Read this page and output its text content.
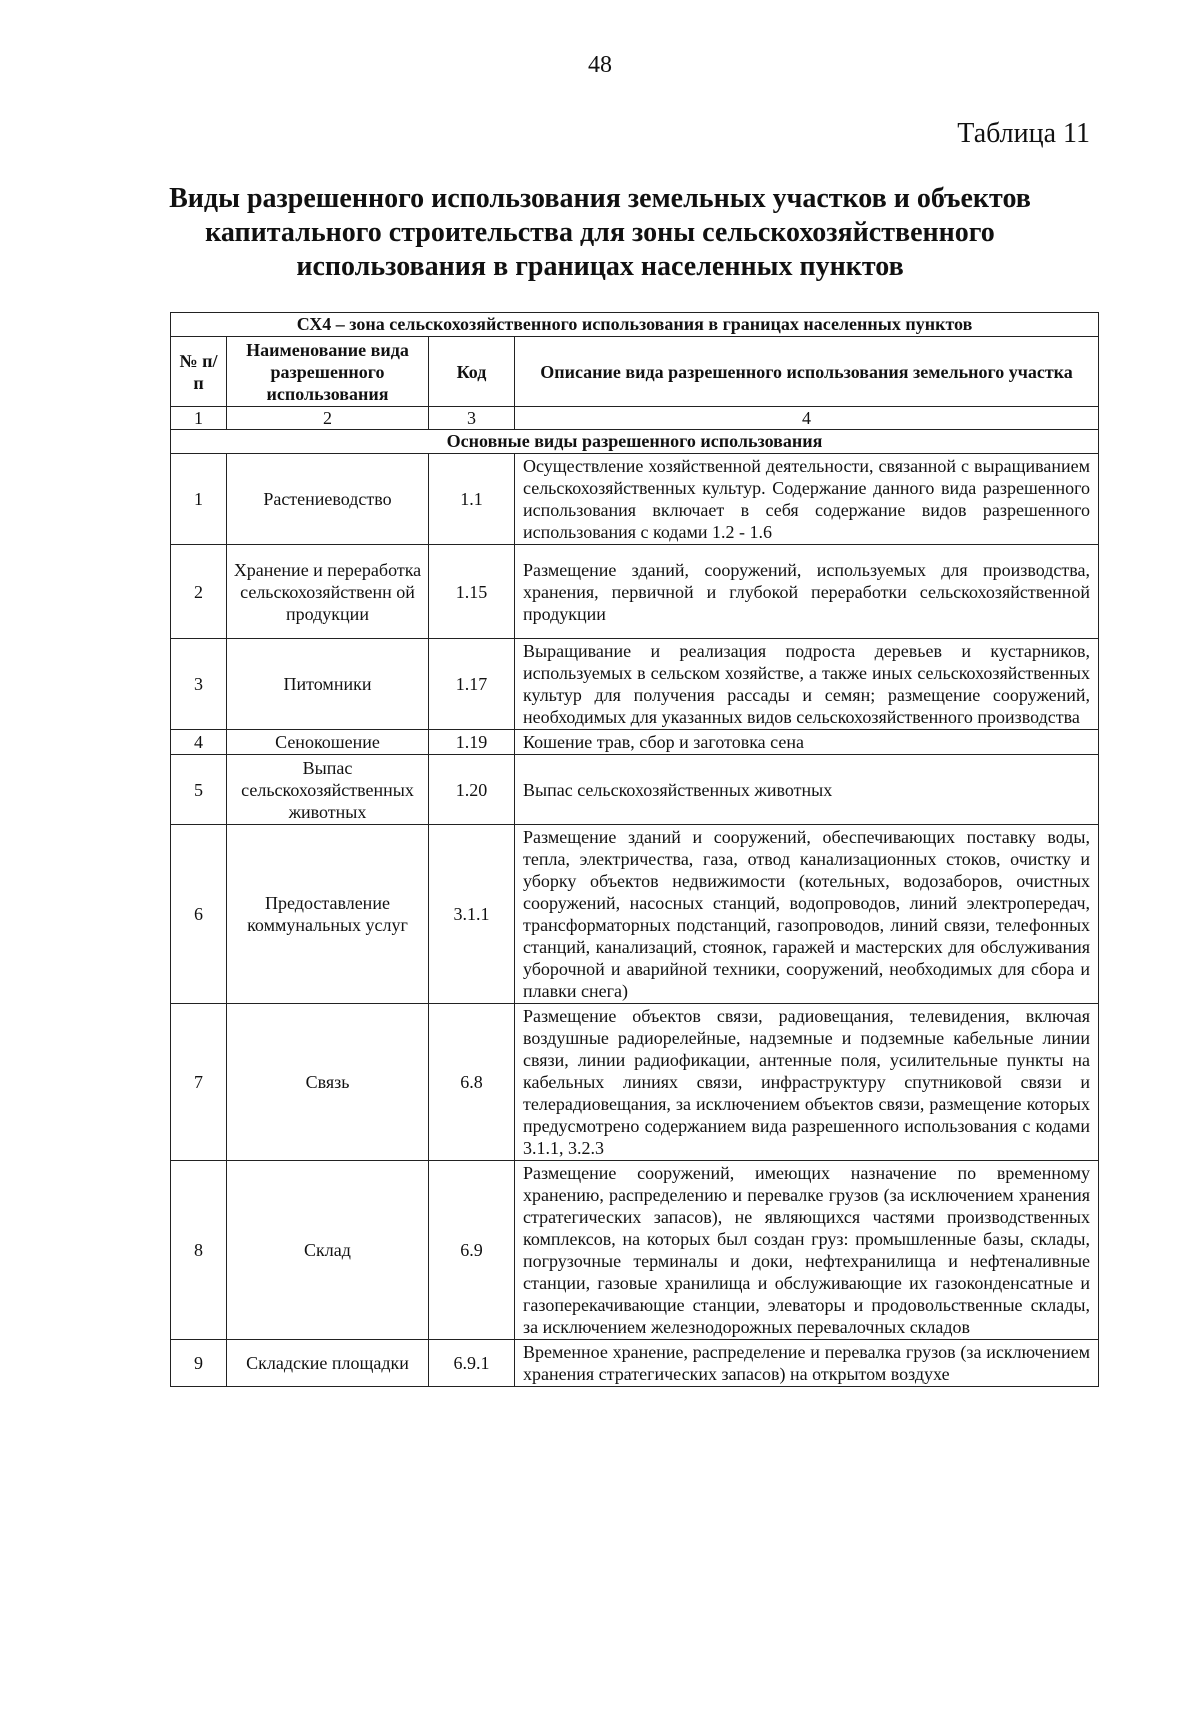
48
Таблица 11
Виды разрешенного использования земельных участков и объектов капитального строительства для зоны сельскохозяйственного использования в границах населенных пунктов
СХ4 – зона сельскохозяйственного использования в границах населенных пунктов			
№ п/п	Наименование вида разрешенного использования	Код	Описание вида разрешенного использования земельного участка
1	2	3	4
Основные виды разрешенного использования			
1	Растениеводство	1.1	Осуществление хозяйственной деятельности, связанной с выращиванием сельскохозяйственных культур. Содержание данного вида разрешенного использования включает в себя содержание видов разрешенного использования с кодами 1.2 - 1.6
2	Хранение и переработка сельскохозяйственн ой продукции	1.15	Размещение зданий, сооружений, используемых для производства, хранения, первичной и глубокой переработки сельскохозяйственной продукции
3	Питомники	1.17	Выращивание и реализация подроста деревьев и кустарников, используемых в сельском хозяйстве, а также иных сельскохозяйственных культур для получения рассады и семян; размещение сооружений, необходимых для указанных видов сельскохозяйственного производства
4	Сенокошение	1.19	Кошение трав, сбор и заготовка сена
5	Выпас сельскохозяйственных животных	1.20	Выпас сельскохозяйственных животных
6	Предоставление коммунальных услуг	3.1.1	Размещение зданий и сооружений, обеспечивающих поставку воды, тепла, электричества, газа, отвод канализационных стоков, очистку и уборку объектов недвижимости (котельных, водозаборов, очистных сооружений, насосных станций, водопроводов, линий электропередач, трансформаторных подстанций, газопроводов, линий связи, телефонных станций, канализаций, стоянок, гаражей и мастерских для обслуживания уборочной и аварийной техники, сооружений, необходимых для сбора и плавки снега)
7	Связь	6.8	Размещение объектов связи, радиовещания, телевидения, включая воздушные радиорелейные, надземные и подземные кабельные линии связи, линии радиофикации, антенные поля, усилительные пункты на кабельных линиях связи, инфраструктуру спутниковой связи и телерадиовещания, за исключением объектов связи, размещение которых предусмотрено содержанием вида разрешенного использования с кодами 3.1.1, 3.2.3
8	Склад	6.9	Размещение сооружений, имеющих назначение по временному хранению, распределению и перевалке грузов (за исключением хранения стратегических запасов), не являющихся частями производственных комплексов, на которых был создан груз: промышленные базы, склады, погрузочные терминалы и доки, нефтехранилища и нефтеналивные станции, газовые хранилища и обслуживающие их газоконденсатные и газоперекачивающие станции, элеваторы и продовольственные склады, за исключением железнодорожных перевалочных складов
9	Складские площадки	6.9.1	Временное хранение, распределение и перевалка грузов (за исключением хранения стратегических запасов) на открытом воздухе
